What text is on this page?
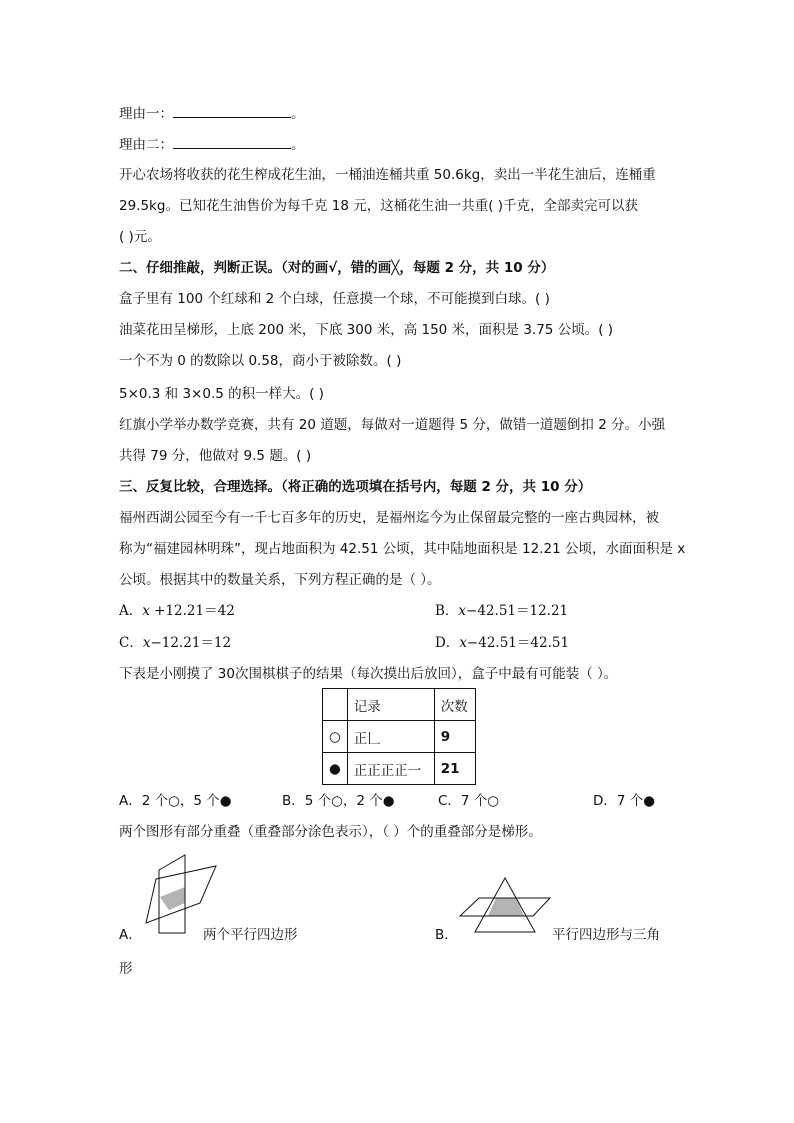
理由一：	。
理由二：	。
开心农场将收获的花生榨成花生油，一桶油连桶共重 50.6kg，卖出一半花生油后，连桶重
29.5kg。已知花生油售价为每千克 18 元，这桶花生油一共重( )千克，全部卖完可以获
( )元。
二、仔细推敲，判断正误。（对的画√，错的画╳，每题 2 分，共 10 分）
盒子里有 100 个红球和 2 个白球，任意摸一个球，不可能摸到白球。( )
油菜花田呈梯形，上底 200 米，下底 300 米，高 150 米，面积是 3.75 公顷。( )
一个不为 0 的数除以 0.58，商小于被除数。( )
5×0.3 和 3×0.5 的积一样大。( )
红旗小学举办数学竞赛，共有 20 道题，每做对一道题得 5 分，做错一道题倒扣 2 分。小强
共得 79 分，他做对 9.5 题。( )
三、反复比较，合理选择。（将正确的选项填在括号内，每题 2 分，共 10 分）
福州西湖公园至今有一千七百多年的历史，是福州迄今为止保留最完整的一座古典园林，被
称为“福建园林明珠”，现占地面积为 42.51 公顷，其中陆地面积是 12.21 公顷，水面面积是 x
公顷。根据其中的数量关系，下列方程正确的是（ ）。
A．𝑥 +12.21＝42	B．𝑥−42.51＝12.21
C．𝑥−12.21＝12	D．𝑥−42.51＝42.51
下表是小刚摸了 30次围棋棋子的结果（每次摸出后放回），盒子中最有可能装（ ）。
	记录	次数
○	正𠃊	9
●	正正正正一	21
A．2 个○，5 个●	B．5 个○，2 个●	C．7 个○	D．7 个●
两个图形有部分重叠（重叠部分涂色表示），（ ）个的重叠部分是梯形。
A．	两个平行四边形	B．	平行四边形与三角
形
